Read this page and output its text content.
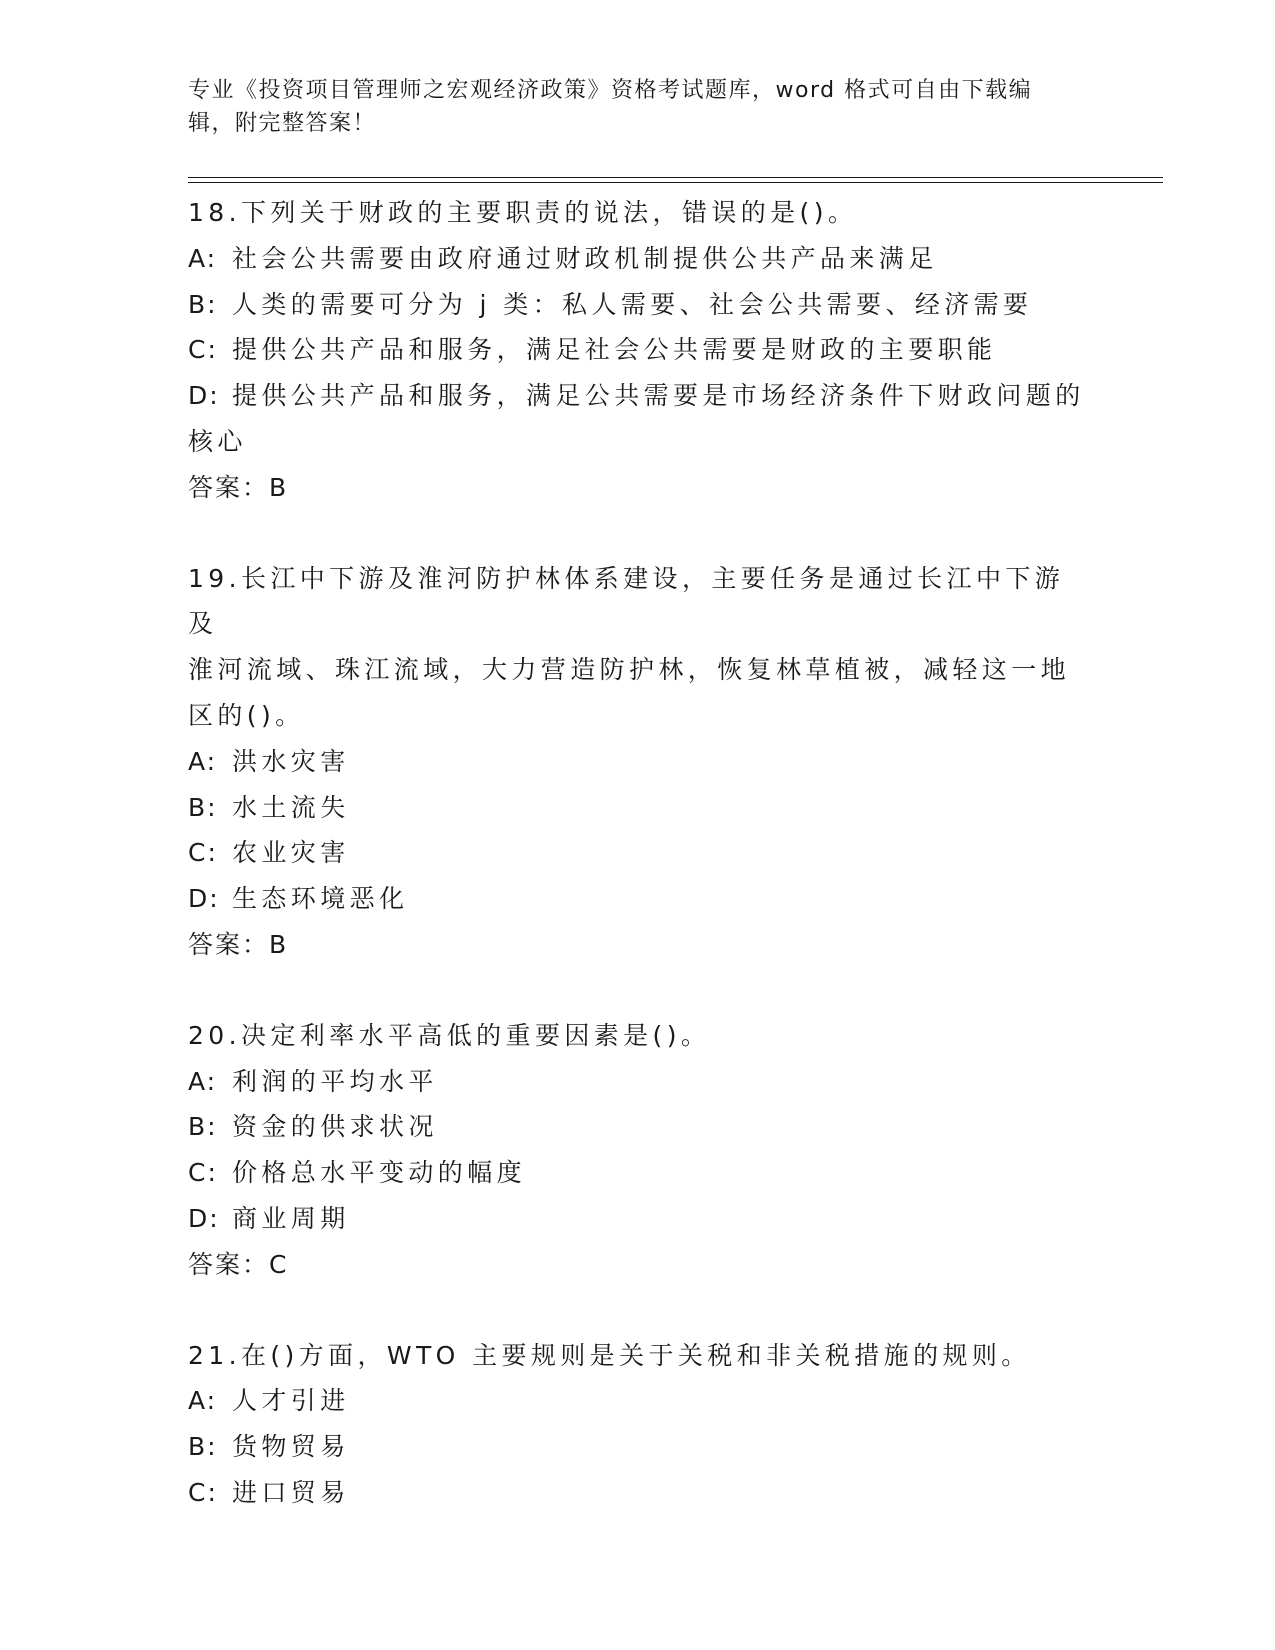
专业《投资项目管理师之宏观经济政策》资格考试题库，word 格式可自由下载编
辑，附完整答案！
18.下列关于财政的主要职责的说法，错误的是()。
A: 社会公共需要由政府通过财政机制提供公共产品来满足
B: 人类的需要可分为 j 类：私人需要、社会公共需要、经济需要
C: 提供公共产品和服务，满足社会公共需要是财政的主要职能
D: 提供公共产品和服务，满足公共需要是市场经济条件下财政问题的
核心
答案：B
19.长江中下游及淮河防护林体系建设，主要任务是通过长江中下游及
淮河流域、珠江流域，大力营造防护林，恢复林草植被，减轻这一地
区的()。
A: 洪水灾害
B: 水土流失
C: 农业灾害
D: 生态环境恶化
答案：B
20.决定利率水平高低的重要因素是()。
A: 利润的平均水平
B: 资金的供求状况
C: 价格总水平变动的幅度
D: 商业周期
答案：C
21.在()方面，WTO 主要规则是关于关税和非关税措施的规则。
A: 人才引进
B: 货物贸易
C: 进口贸易
